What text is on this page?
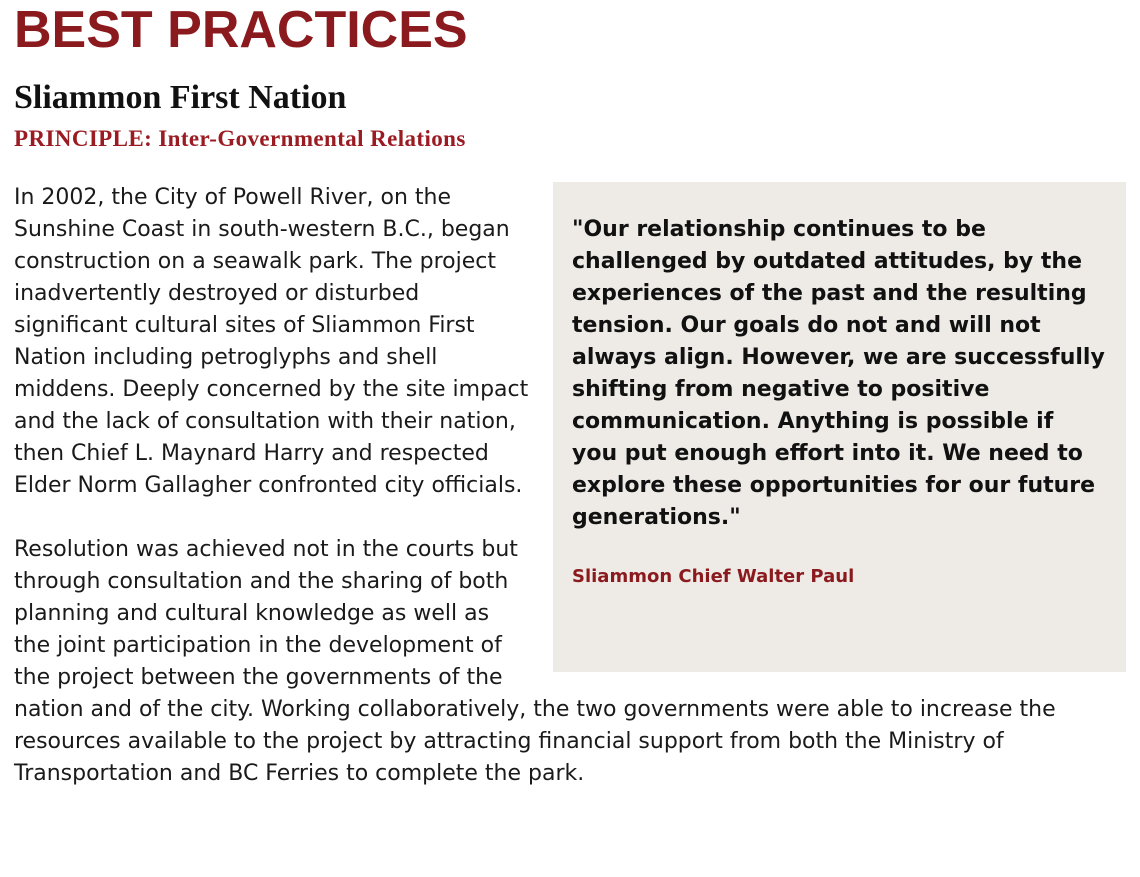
BEST PRACTICES
Sliammon First Nation
PRINCIPLE: Inter-Governmental Relations

"Our relationship continues to be challenged by outdated attitudes, by the experiences of the past and the resulting tension. Our goals do not and will not always align. However, we are successfully shifting from negative to positive communication. Anything is possible if you put enough effort into it. We need to explore these opportunities for our future generations."

Sliammon Chief Walter Paul

In 2002, the City of Powell River, on the Sunshine Coast in south-western B.C., began construction on a seawalk park. The project inadvertently destroyed or disturbed significant cultural sites of Sliammon First Nation including petroglyphs and shell middens. Deeply concerned by the site impact and the lack of consultation with their nation, then Chief L. Maynard Harry and respected Elder Norm Gallagher confronted city officials.

Resolution was achieved not in the courts but through consultation and the sharing of both planning and cultural knowledge as well as the joint participation in the development of the project between the governments of the nation and of the city. Working collaboratively, the two governments were able to increase the resources available to the project by attracting financial support from both the Ministry of Transportation and BC Ferries to complete the park.
